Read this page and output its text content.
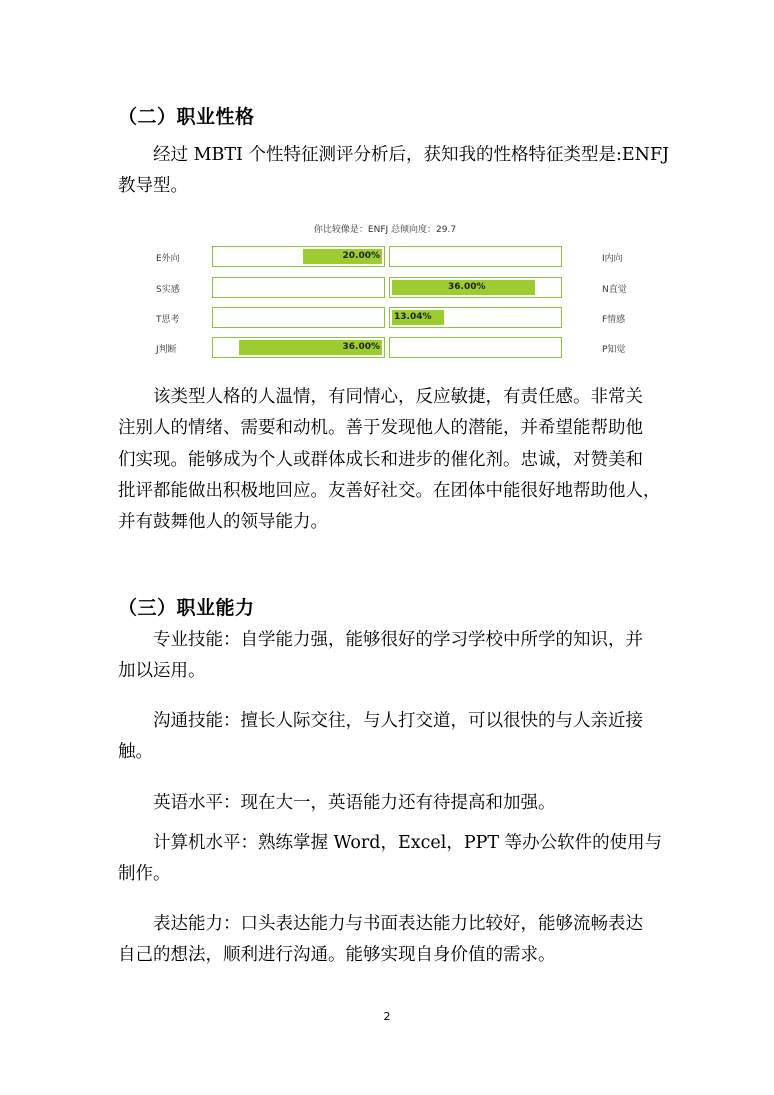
（二）职业性格
经过 MBTI 个性特征测评分析后，获知我的性格特征类型是:ENFJ
教导型。
你比较像是：ENFJ 总倾向度：29.7
E外向	20.00%	I内向
S实感	36.00%	N直觉
T思考	13.04%	F情感
J判断	36.00%	P知觉
该类型人格的人温情，有同情心，反应敏捷，有责任感。非常关
注别人的情绪、需要和动机。善于发现他人的潜能，并希望能帮助他
们实现。能够成为个人或群体成长和进步的催化剂。忠诚，对赞美和
批评都能做出积极地回应。友善好社交。在团体中能很好地帮助他人，
并有鼓舞他人的领导能力。
（三）职业能力
专业技能：自学能力强，能够很好的学习学校中所学的知识，并
加以运用。
沟通技能：擅长人际交往，与人打交道，可以很快的与人亲近接
触。
英语水平：现在大一，英语能力还有待提高和加强。
计算机水平：熟练掌握 Word，Excel，PPT 等办公软件的使用与
制作。
表达能力：口头表达能力与书面表达能力比较好，能够流畅表达
自己的想法，顺利进行沟通。能够实现自身价值的需求。
2
